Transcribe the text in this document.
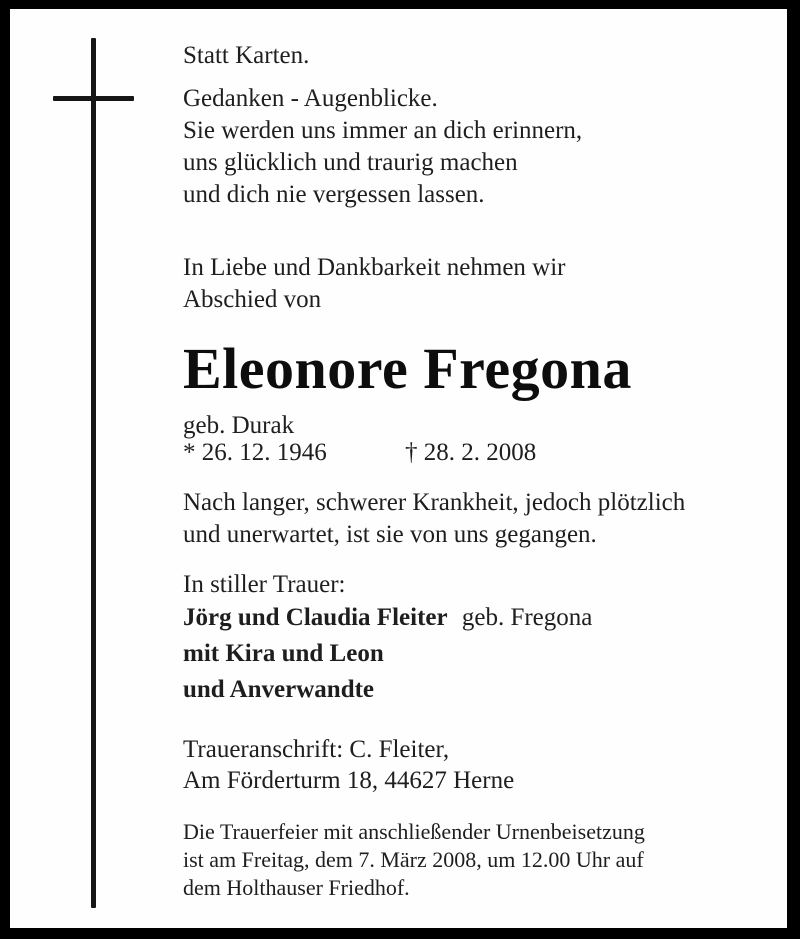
Statt Karten.
Gedanken - Augenblicke.
Sie werden uns immer an dich erinnern,
uns glücklich und traurig machen
und dich nie vergessen lassen.
In Liebe und Dankbarkeit nehmen wir
Abschied von
Eleonore Fregona
geb. Durak
* 26. 12. 1946	† 28. 2. 2008
Nach langer, schwerer Krankheit, jedoch plötzlich
und unerwartet, ist sie von uns gegangen.
In stiller Trauer:
Jörg und Claudia Fleiter geb. Fregona
mit Kira und Leon
und Anverwandte
Traueranschrift: C. Fleiter,
Am Förderturm 18, 44627 Herne
Die Trauerfeier mit anschließender Urnenbeisetzung
ist am Freitag, dem 7. März 2008, um 12.00 Uhr auf
dem Holthauser Friedhof.
